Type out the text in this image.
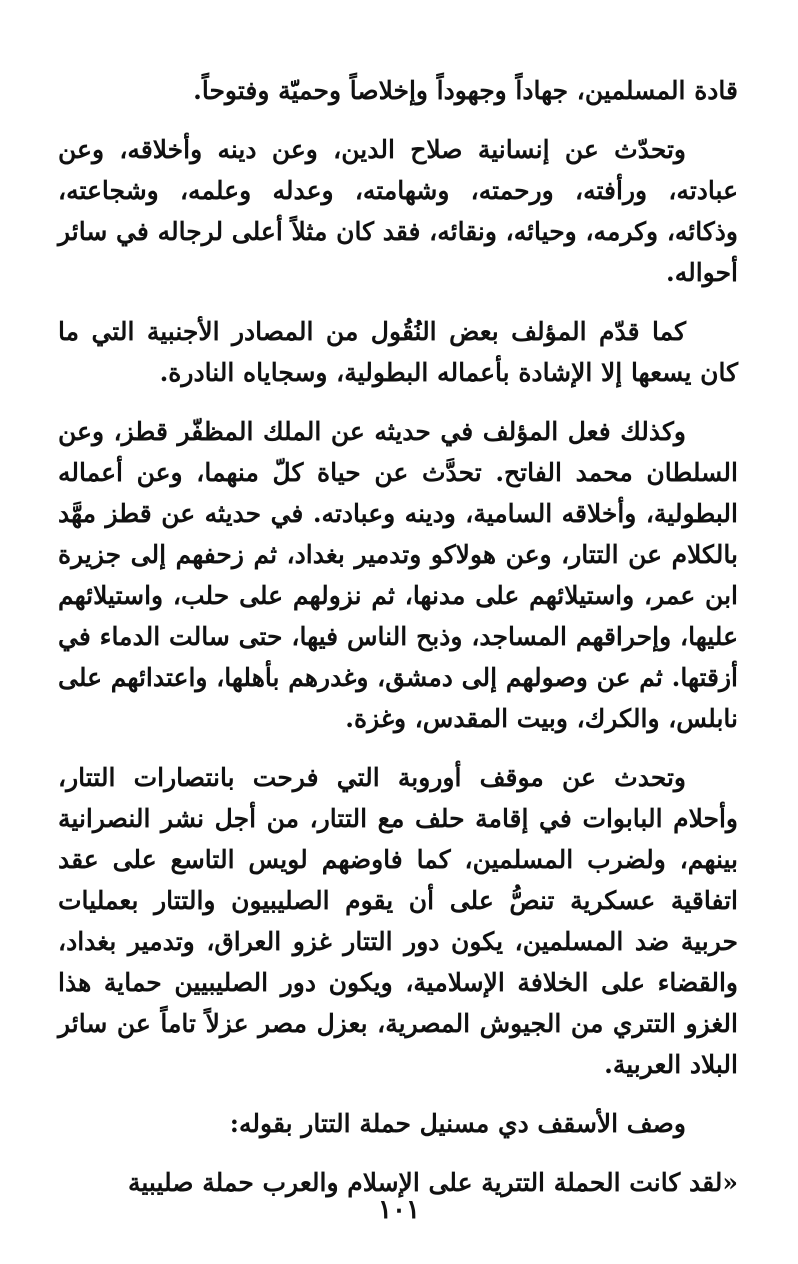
قادة المسلمين، جهاداً وجهوداً وإخلاصاً وحميّة وفتوحاً.

وتحدّث عن إنسانية صلاح الدين، وعن دينه وأخلاقه، وعن عبادته، ورأفته، ورحمته، وشهامته، وعدله وعلمه، وشجاعته، وذكائه، وكرمه، وحيائه، ونقائه، فقد كان مثلاً أعلى لرجاله في سائر أحواله.

كما قدّم المؤلف بعض النُقُول من المصادر الأجنبية التي ما كان يسعها إلا الإشادة بأعماله البطولية، وسجاياه النادرة.

وكذلك فعل المؤلف في حديثه عن الملك المظفّر قطز، وعن السلطان محمد الفاتح. تحدَّث عن حياة كلّ منهما، وعن أعماله البطولية، وأخلاقه السامية، ودينه وعبادته. في حديثه عن قطز مهَّد بالكلام عن التتار، وعن هولاكو وتدمير بغداد، ثم زحفهم إلى جزيرة ابن عمر، واستيلائهم على مدنها، ثم نزولهم على حلب، واستيلائهم عليها، وإحراقهم المساجد، وذبح الناس فيها، حتى سالت الدماء في أزقتها. ثم عن وصولهم إلى دمشق، وغدرهم بأهلها، واعتدائهم على نابلس، والكرك، وبيت المقدس، وغزة.

وتحدث عن موقف أوروبة التي فرحت بانتصارات التتار، وأحلام البابوات في إقامة حلف مع التتار، من أجل نشر النصرانية بينهم، ولضرب المسلمين، كما فاوضهم لويس التاسع على عقد اتفاقية عسكرية تنصُّ على أن يقوم الصليبيون والتتار بعمليات حربية ضد المسلمين، يكون دور التتار غزو العراق، وتدمير بغداد، والقضاء على الخلافة الإسلامية، ويكون دور الصليبيين حماية هذا الغزو التتري من الجيوش المصرية، بعزل مصر عزلاً تاماً عن سائر البلاد العربية.

وصف الأسقف دي مسنيل حملة التتار بقوله:

«لقد كانت الحملة التترية على الإسلام والعرب حملة صليبية

١٠١
